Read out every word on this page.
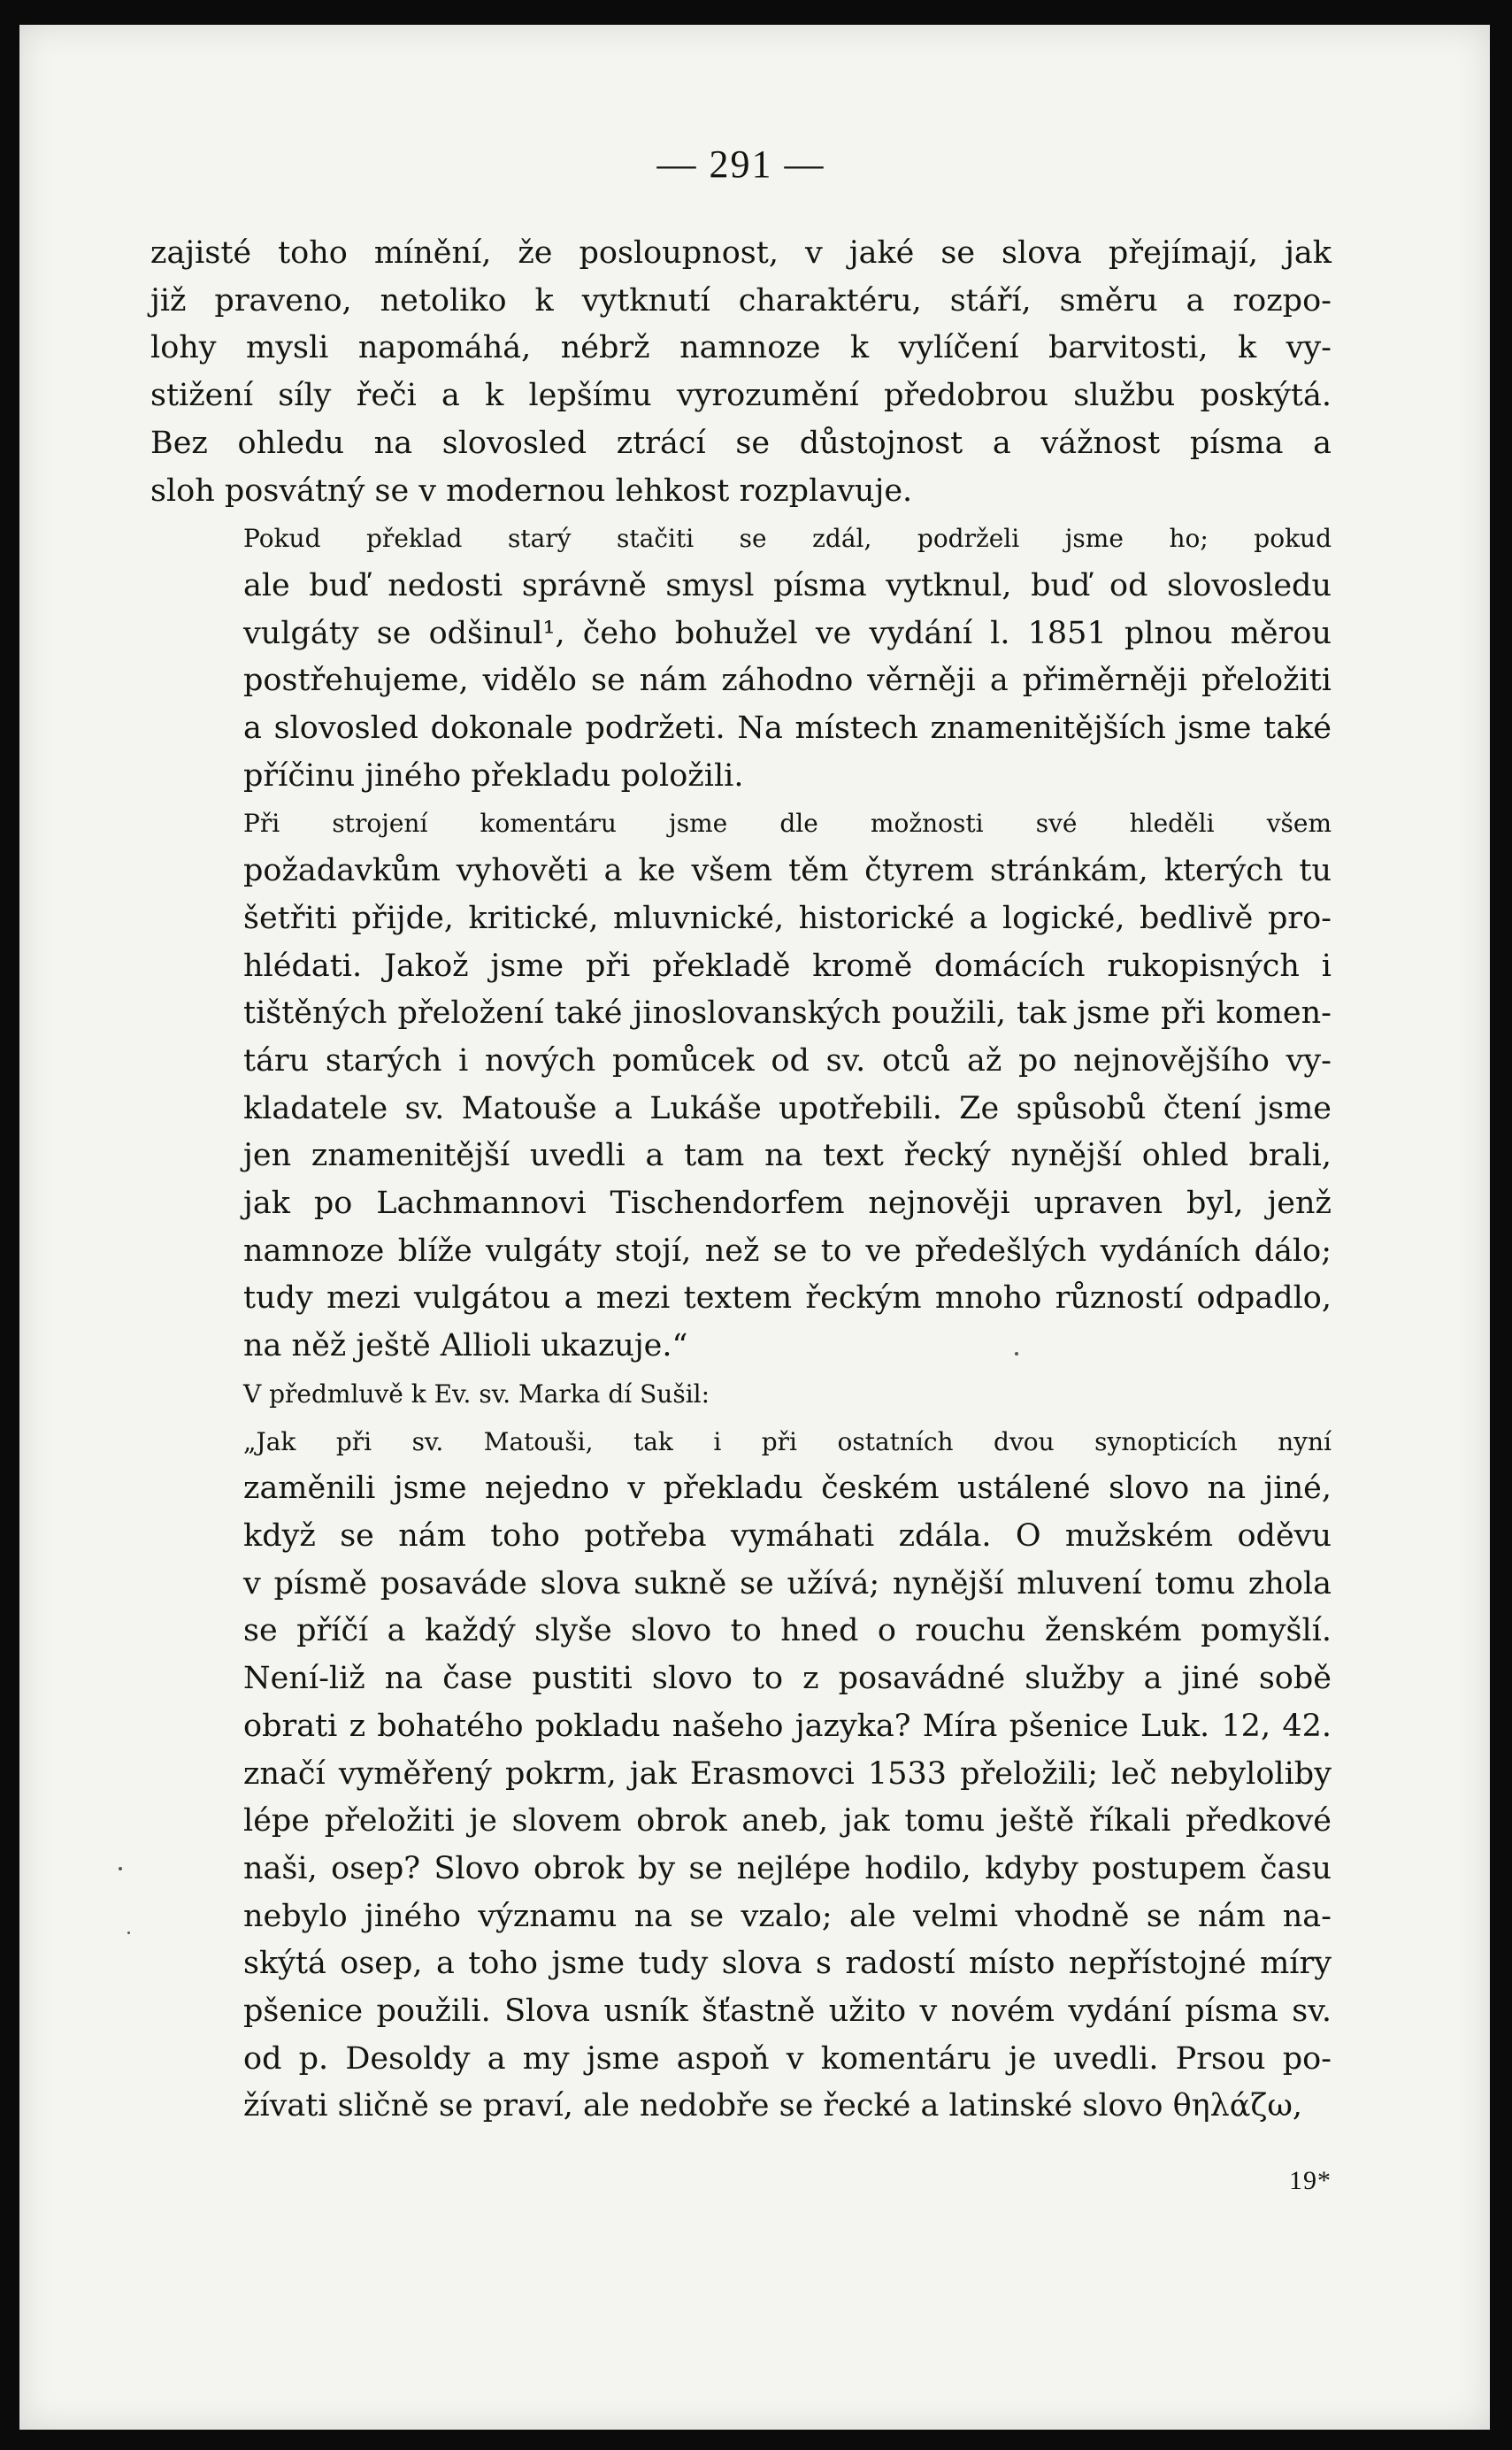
— 291 —
zajisté toho mínění, že posloupnost, v jaké se slova přejímají, jak
již praveno, netoliko k vytknutí charaktéru, stáří, směru a rozpo-
lohy mysli napomáhá, nébrž namnoze k vylíčení barvitosti, k vy-
stižení síly řeči a k lepšímu vyrozumění předobrou službu poskýtá.
Bez ohledu na slovosled ztrácí se důstojnost a vážnost písma a
sloh posvátný se v modernou lehkost rozplavuje.
Pokud překlad starý stačiti se zdál, podrželi jsme ho; pokud
ale buď nedosti správně smysl písma vytknul, buď od slovosledu
vulgáty se odšinul¹, čeho bohužel ve vydání l. 1851 plnou měrou
postřehujeme, vidělo se nám záhodno věrněji a přiměrněji přeložiti
a slovosled dokonale podržeti. Na místech znamenitějších jsme také
příčinu jiného překladu položili.
Při strojení komentáru jsme dle možnosti své hleděli všem
požadavkům vyhověti a ke všem těm čtyrem stránkám, kterých tu
šetřiti přijde, kritické, mluvnické, historické a logické, bedlivě pro-
hlédati. Jakož jsme při překladě kromě domácích rukopisných i
tištěných přeložení také jinoslovanských použili, tak jsme při komen-
táru starých i nových pomůcek od sv. otců až po nejnovějšího vy-
kladatele sv. Matouše a Lukáše upotřebili. Ze spůsobů čtení jsme
jen znamenitější uvedli a tam na text řecký nynější ohled brali,
jak po Lachmannovi Tischendorfem nejnověji upraven byl, jenž
namnoze blíže vulgáty stojí, než se to ve předešlých vydáních dálo;
tudy mezi vulgátou a mezi textem řeckým mnoho růzností odpadlo,
na něž ještě Allioli ukazuje.“
V předmluvě k Ev. sv. Marka dí Sušil:
„Jak při sv. Matouši, tak i při ostatních dvou synopticích nyní
zaměnili jsme nejedno v překladu českém ustálené slovo na jiné,
když se nám toho potřeba vymáhati zdála. O mužském oděvu
v písmě posaváde slova sukně se užívá; nynější mluvení tomu zhola
se příčí a každý slyše slovo to hned o rouchu ženském pomyšlí.
Není-liž na čase pustiti slovo to z posavádné služby a jiné sobě
obrati z bohatého pokladu našeho jazyka? Míra pšenice Luk. 12, 42.
značí vyměřený pokrm, jak Erasmovci 1533 přeložili; leč nebyloliby
lépe přeložiti je slovem obrok aneb, jak tomu ještě říkali předkové
naši, osep? Slovo obrok by se nejlépe hodilo, kdyby postupem času
nebylo jiného významu na se vzalo; ale velmi vhodně se nám na-
skýtá osep, a toho jsme tudy slova s radostí místo nepřístojné míry
pšenice použili. Slova usník šťastně užito v novém vydání písma sv.
od p. Desoldy a my jsme aspoň v komentáru je uvedli. Prsou po-
žívati sličně se praví, ale nedobře se řecké a latinské slovo θηλάζω,
19*
